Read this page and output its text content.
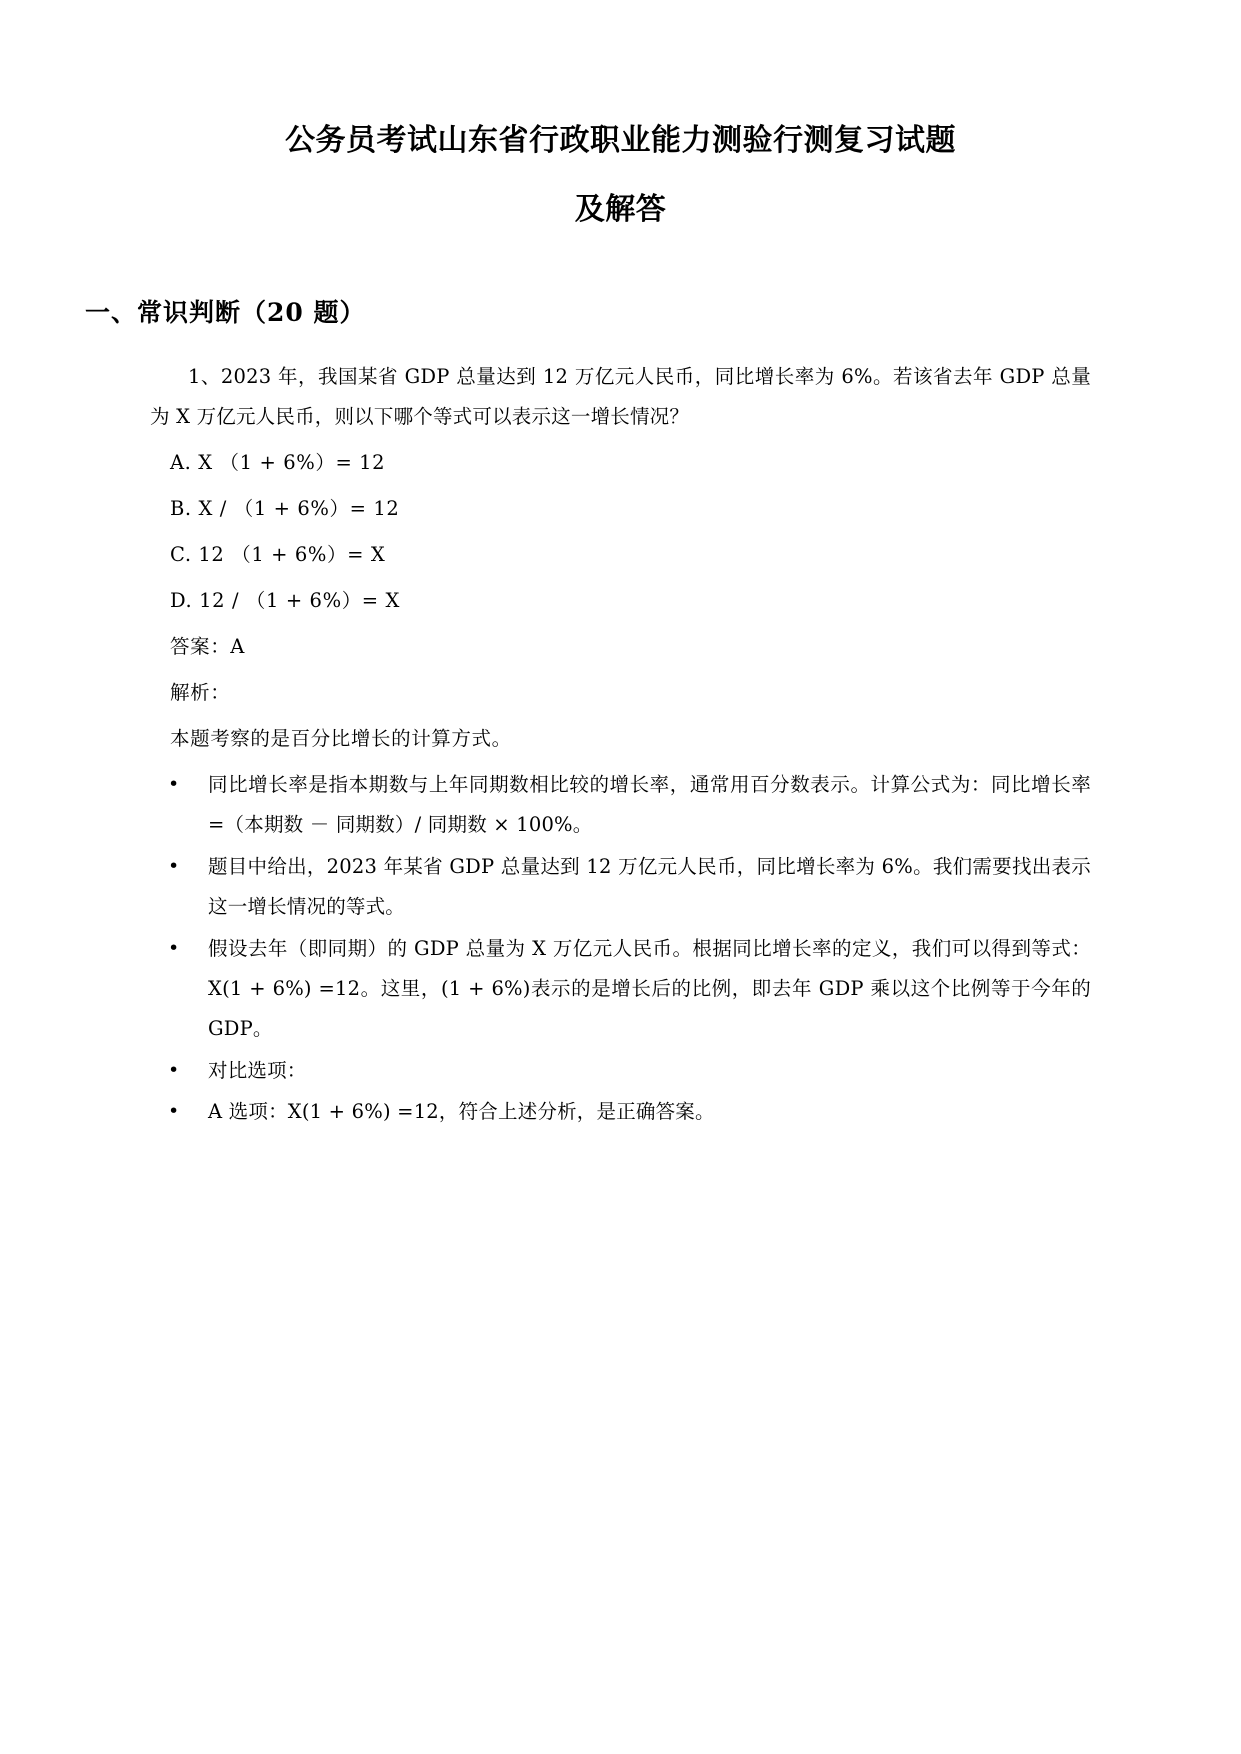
公务员考试山东省行政职业能力测验行测复习试题
及解答
一、常识判断（20 题）

1、2023 年，我国某省 GDP 总量达到 12 万亿元人民币，同比增长率为 6%。若该省去年 GDP 总量为 X 万亿元人民币，则以下哪个等式可以表示这一增长情况？

A. X （1 + 6%）= 12

B. X / （1 + 6%）= 12

C. 12 （1 + 6%）= X

D. 12 / （1 + 6%）= X

答案：A

解析：

本题考察的是百分比增长的计算方式。

• 同比增长率是指本期数与上年同期数相比较的增长率，通常用百分数表示。计算公式为：同比增长率 =（本期数 － 同期数）/ 同期数 × 100%。
• 题目中给出，2023 年某省 GDP 总量达到 12 万亿元人民币，同比增长率为 6%。我们需要找出表示这一增长情况的等式。
• 假设去年（即同期）的 GDP 总量为 X 万亿元人民币。根据同比增长率的定义，我们可以得到等式：X(1 + 6%) =12。这里，(1 + 6%)表示的是增长后的比例，即去年 GDP 乘以这个比例等于今年的 GDP。
• 对比选项：
• A 选项：X(1 + 6%) =12，符合上述分析，是正确答案。
